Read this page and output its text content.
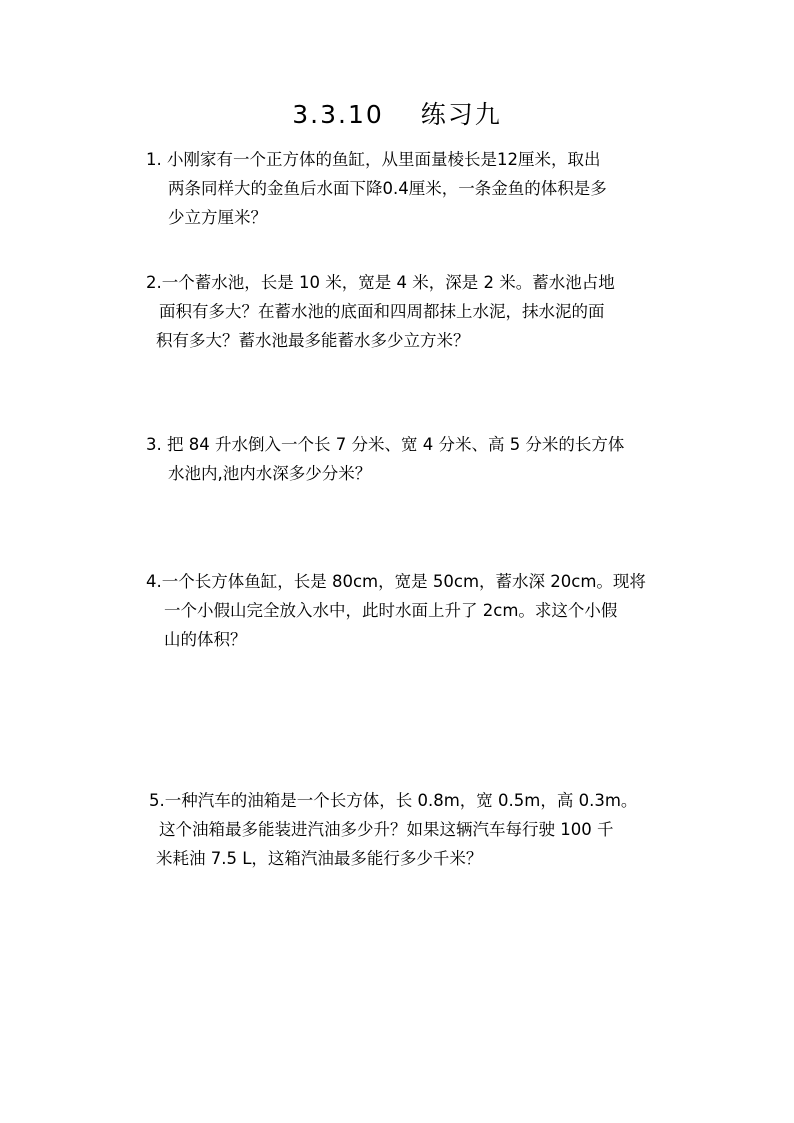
3.3.10　 练习九
1. 小刚家有一个正方体的鱼缸，从里面量棱长是12厘米，取出
两条同样大的金鱼后水面下降0.4厘米，一条金鱼的体积是多
少立方厘米？
2.一个蓄水池，长是 10 米，宽是 4 米，深是 2 米。蓄水池占地
面积有多大？在蓄水池的底面和四周都抹上水泥，抹水泥的面
积有多大？蓄水池最多能蓄水多少立方米？
3. 把 84 升水倒入一个长 7 分米、宽 4 分米、高 5 分米的长方体
水池内,池内水深多少分米？
4.一个长方体鱼缸，长是 80cm，宽是 50cm，蓄水深 20cm。现将
一个小假山完全放入水中，此时水面上升了 2cm。求这个小假
山的体积？
5.一种汽车的油箱是一个长方体，长 0.8m，宽 0.5m，高 0.3m。
这个油箱最多能装进汽油多少升？如果这辆汽车每行驶 100 千
米耗油 7.5 L，这箱汽油最多能行多少千米？
